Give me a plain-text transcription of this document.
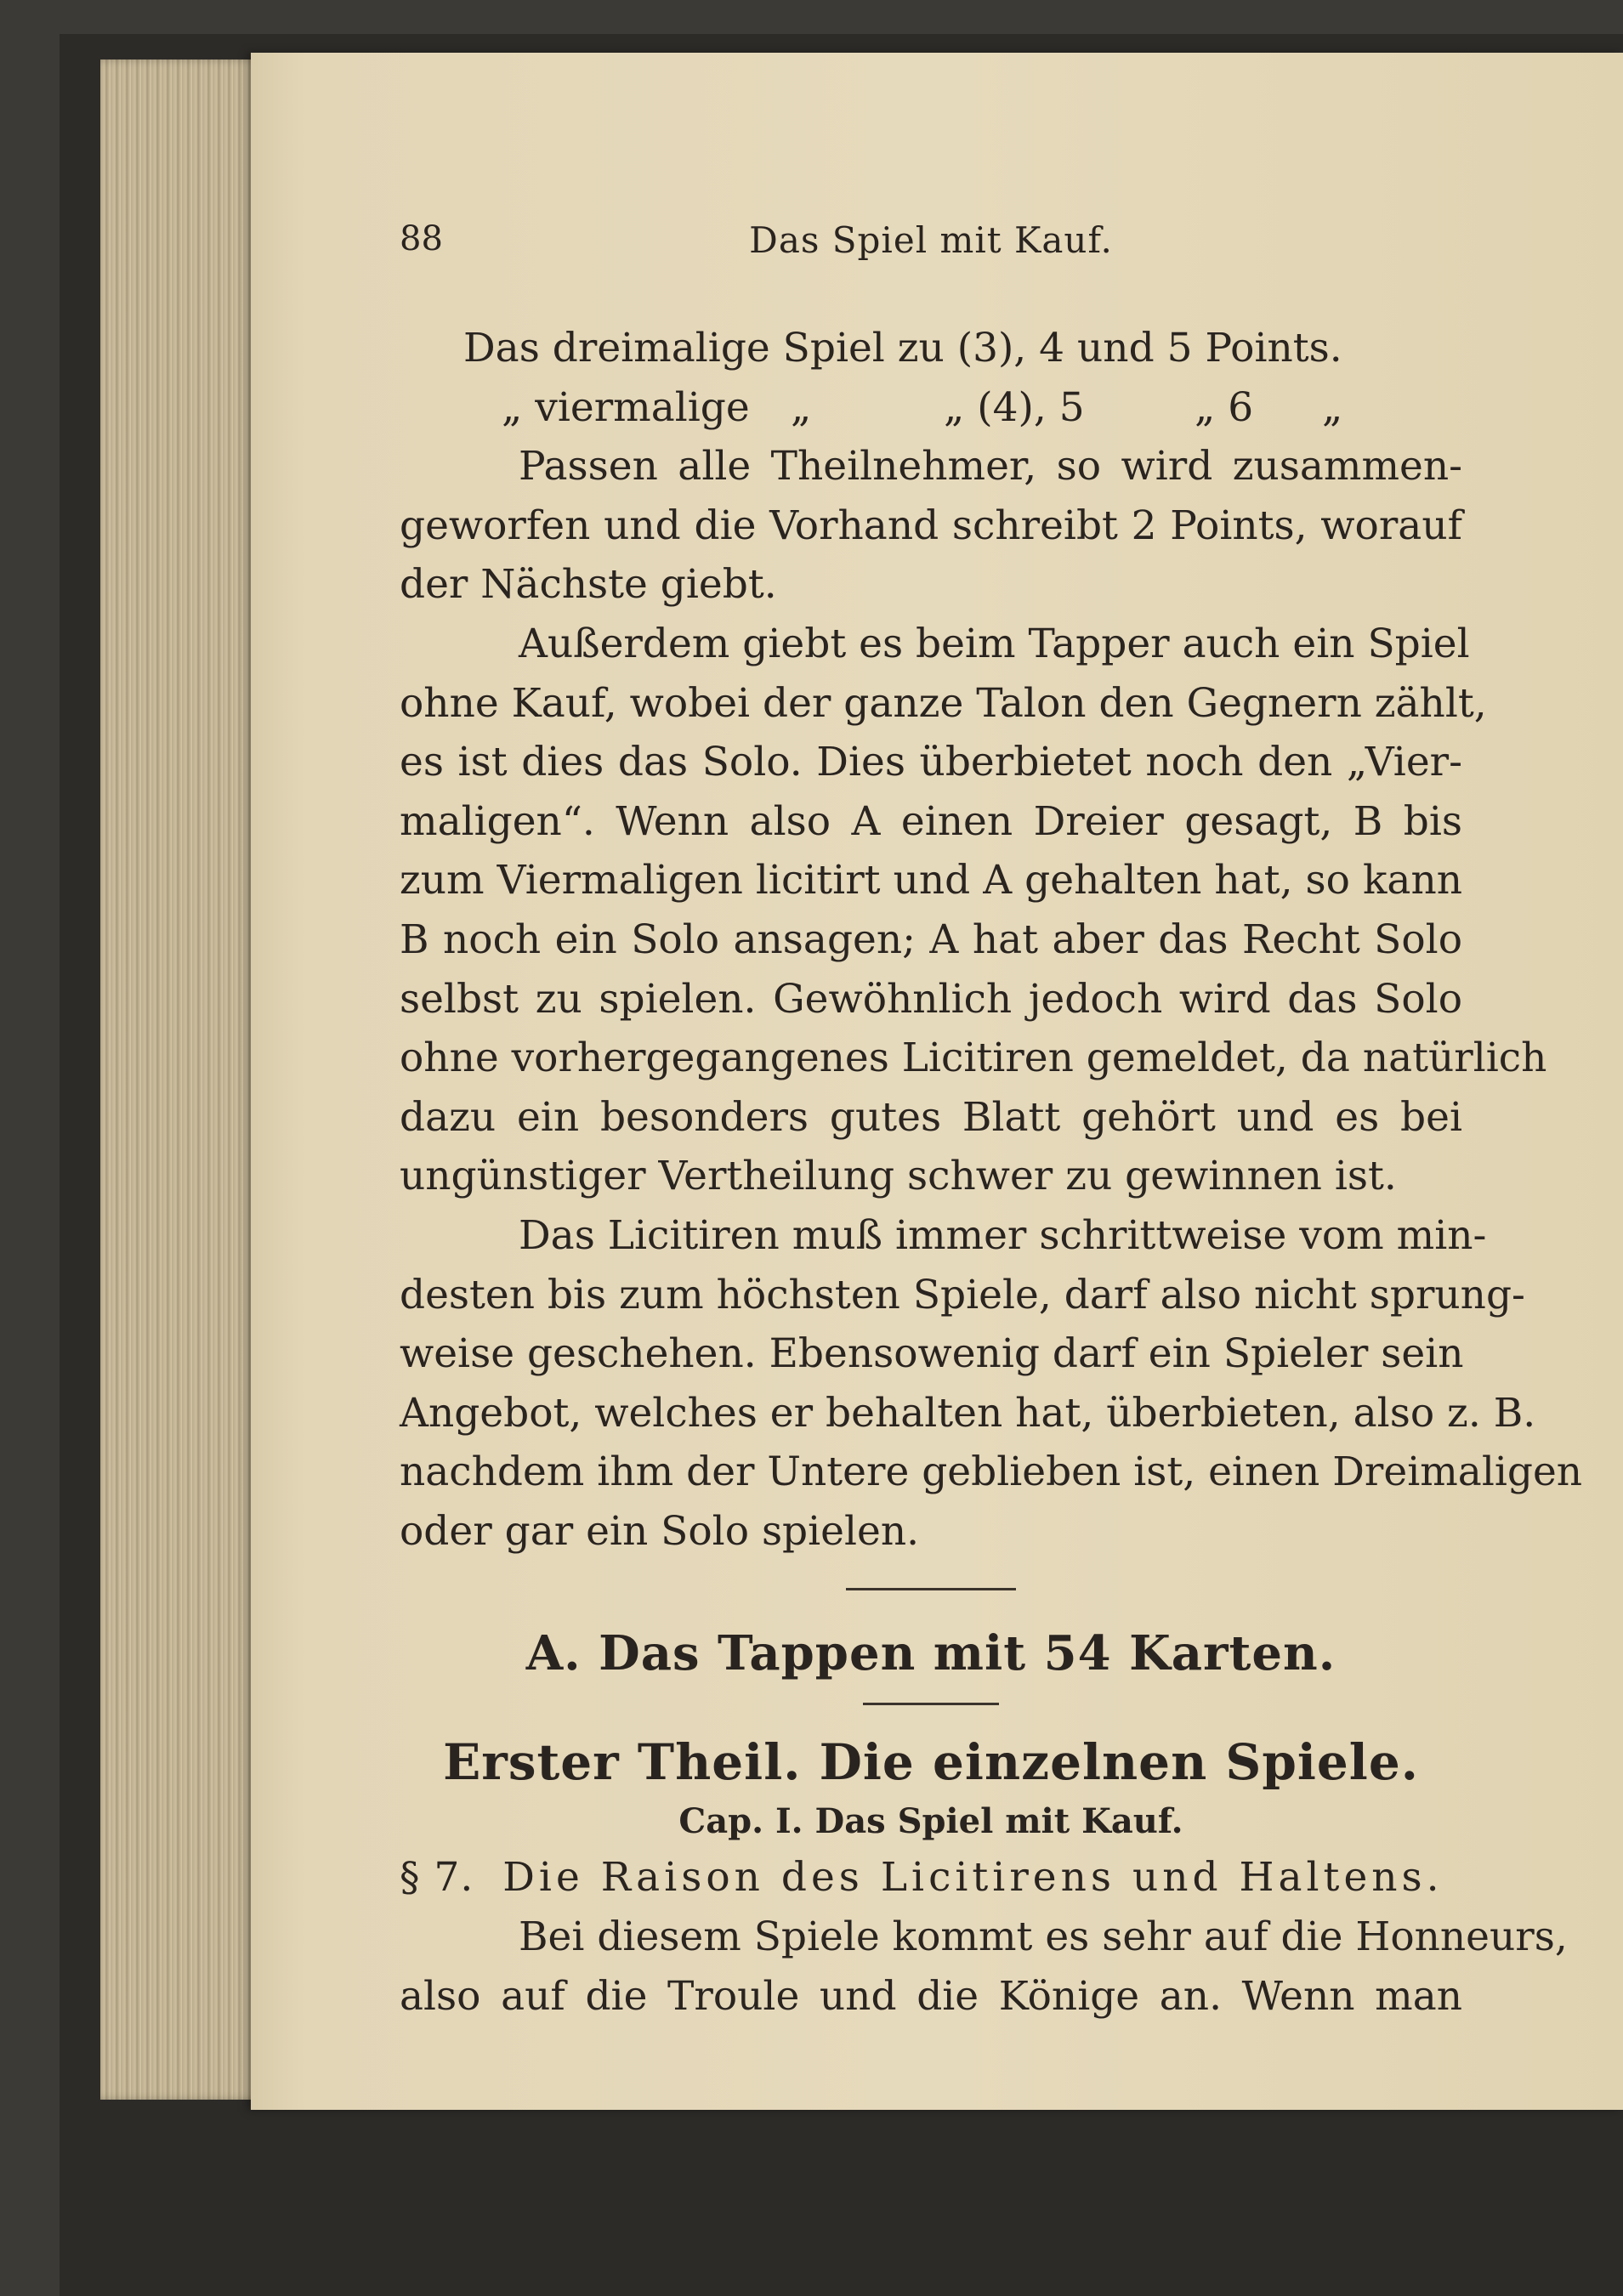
88	Das Spiel mit Kauf.
Das dreimalige Spiel zu (3), 4 und 5 Points.
„ viermalige „	„ (4), 5	„ 6 „
Passen alle Theilnehmer, so wird zusammen-
geworfen und die Vorhand schreibt 2 Points, worauf
der Nächste giebt.
Außerdem giebt es beim Tapper auch ein Spiel
ohne Kauf, wobei der ganze Talon den Gegnern zählt,
es ist dies das Solo. Dies überbietet noch den „Vier-
maligen“. Wenn also A einen Dreier gesagt, B bis
zum Viermaligen licitirt und A gehalten hat, so kann
B noch ein Solo ansagen; A hat aber das Recht Solo
selbst zu spielen. Gewöhnlich jedoch wird das Solo
ohne vorhergegangenes Licitiren gemeldet, da natürlich
dazu ein besonders gutes Blatt gehört und es bei
ungünstiger Vertheilung schwer zu gewinnen ist.
Das Licitiren muß immer schrittweise vom min-
desten bis zum höchsten Spiele, darf also nicht sprung-
weise geschehen. Ebensowenig darf ein Spieler sein
Angebot, welches er behalten hat, überbieten, also z. B.
nachdem ihm der Untere geblieben ist, einen Dreimaligen
oder gar ein Solo spielen.
A. Das Tappen mit 54 Karten.
Erster Theil. Die einzelnen Spiele.
Cap. I. Das Spiel mit Kauf.
§ 7. Die Raison des Licitirens und Haltens.
Bei diesem Spiele kommt es sehr auf die Honneurs,
also auf die Troule und die Könige an. Wenn man
